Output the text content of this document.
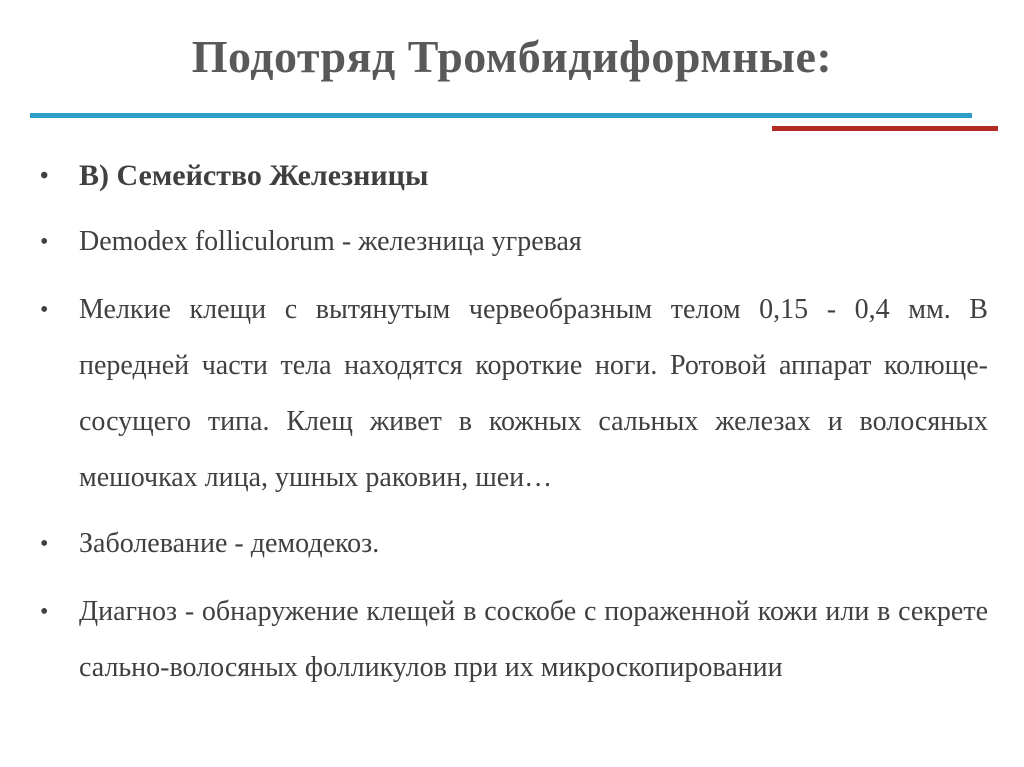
Подотряд Тромбидиформные:
• В) Семейство Железницы
• Demodex folliculorum - железница угревая
• Мелкие клещи с вытянутым червеобразным телом 0,15 - 0,4 мм. В передней части тела находятся короткие ноги. Ротовой аппарат колюще-сосущего типа. Клещ живет в кожных сальных железах и волосяных мешочках лица, ушных раковин, шеи…
• Заболевание - демодекоз.
• Диагноз - обнаружение клещей в соскобе с пораженной кожи или в секрете сально-волосяных фолликулов при их микроскопировании
